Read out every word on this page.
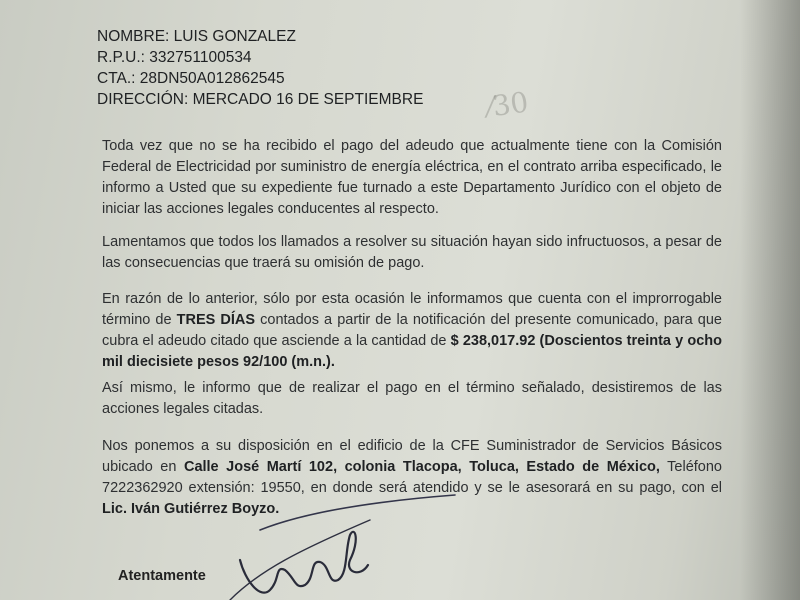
NOMBRE: LUIS GONZALEZ
R.P.U.: 332751100534
CTA.: 28DN50A012862545
DIRECCIÓN: MERCADO 16 DE SEPTIEMBRE ⁄30
Toda vez que no se ha recibido el pago del adeudo que actualmente tiene con la Comisión Federal de Electricidad por suministro de energía eléctrica, en el contrato arriba especificado, le informo a Usted que su expediente fue turnado a este Departamento Jurídico con el objeto de iniciar las acciones legales conducentes al respecto.
Lamentamos que todos los llamados a resolver su situación hayan sido infructuosos, a pesar de las consecuencias que traerá su omisión de pago.
En razón de lo anterior, sólo por esta ocasión le informamos que cuenta con el improrrogable término de TRES DÍAS contados a partir de la notificación del presente comunicado, para que cubra el adeudo citado que asciende a la cantidad de $ 238,017.92 (Doscientos treinta y ocho mil diecisiete pesos 92/100 (m.n.).
Así mismo, le informo que de realizar el pago en el término señalado, desistiremos de las acciones legales citadas.
Nos ponemos a su disposición en el edificio de la CFE Suministrador de Servicios Básicos ubicado en Calle José Martí 102, colonia Tlacopa, Toluca, Estado de México, Teléfono 7222362920 extensión: 19550, en donde será atendido y se le asesorará en su pago, con el Lic. Iván Gutiérrez Boyzo.
Atentamente
